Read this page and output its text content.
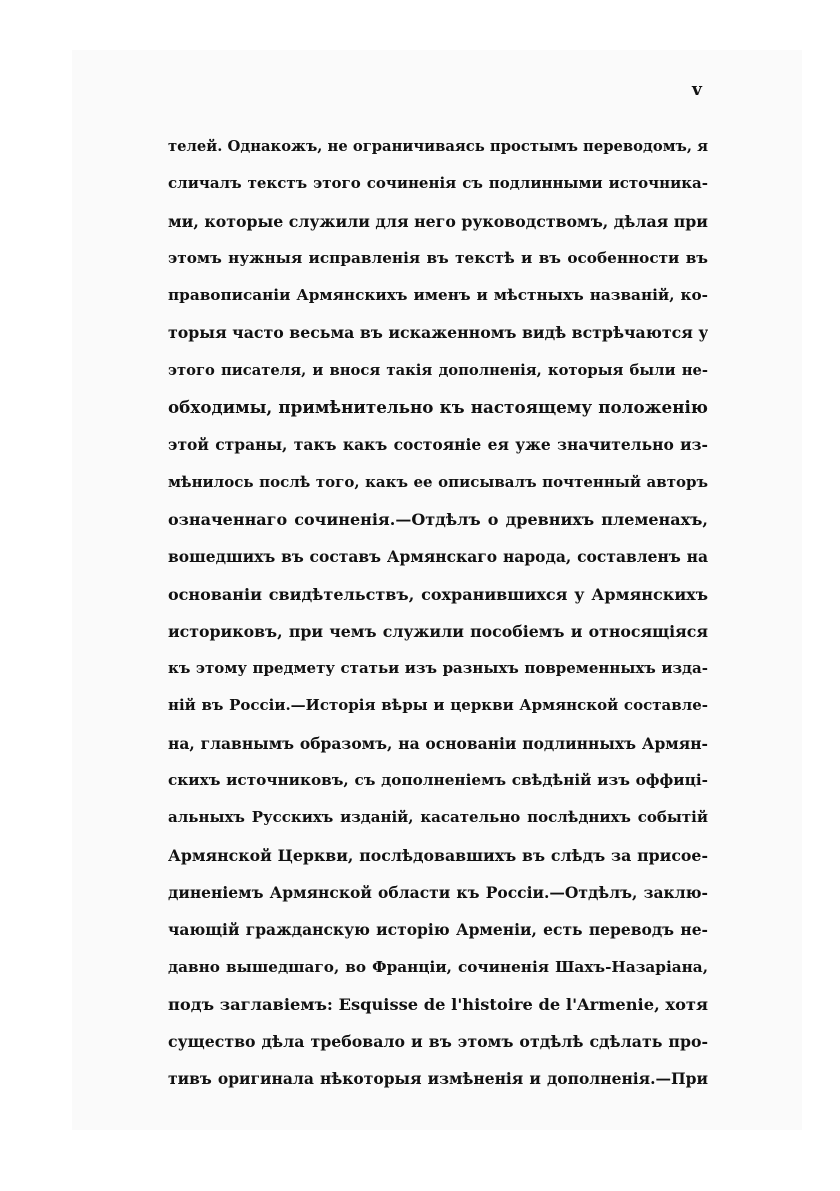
v
телей. Однакожъ, не ограничиваясь простымъ переводомъ, я
сличалъ текстъ этого сочиненія съ подлинными источника-
ми, которые служили для него руководствомъ, дѣлая при
этомъ нужныя исправленія въ текстѣ и въ особенности въ
правописаніи Армянскихъ именъ и мѣстныхъ названій, ко-
торыя часто весьма въ искаженномъ видѣ встрѣчаются у
этого писателя, и внося такія дополненія, которыя были не-
обходимы, примѣнительно къ настоящему положенію
этой страны, такъ какъ состояніе ея уже значительно из-
мѣнилось послѣ того, какъ ее описывалъ почтенный авторъ
означеннаго сочиненія.—Отдѣлъ о древнихъ племенахъ,
вошедшихъ въ составъ Армянскаго народа, составленъ на
основаніи свидѣтельствъ, сохранившихся у Армянскихъ
историковъ, при чемъ служили пособіемъ и относящіяся
къ этому предмету статьи изъ разныхъ повременныхъ изда-
ній въ Россіи.—Исторія вѣры и церкви Армянской составле-
на, главнымъ образомъ, на основаніи подлинныхъ Армян-
скихъ источниковъ, съ дополненіемъ свѣдѣній изъ оффиці-
альныхъ Русскихъ изданій, касательно послѣднихъ событій
Армянской Церкви, послѣдовавшихъ въ слѣдъ за присое-
диненіемъ Армянской области къ Россіи.—Отдѣлъ, заклю-
чающій гражданскую исторію Арменіи, есть переводъ не-
давно вышедшаго, во Франціи, сочиненія Шахъ-Назаріана,
подъ заглавіемъ: Esquisse de l'histoire de l'Armenie, хотя
существо дѣла требовало и въ этомъ отдѣлѣ сдѣлать про-
тивъ оригинала нѣкоторыя измѣненія и дополненія.—При
